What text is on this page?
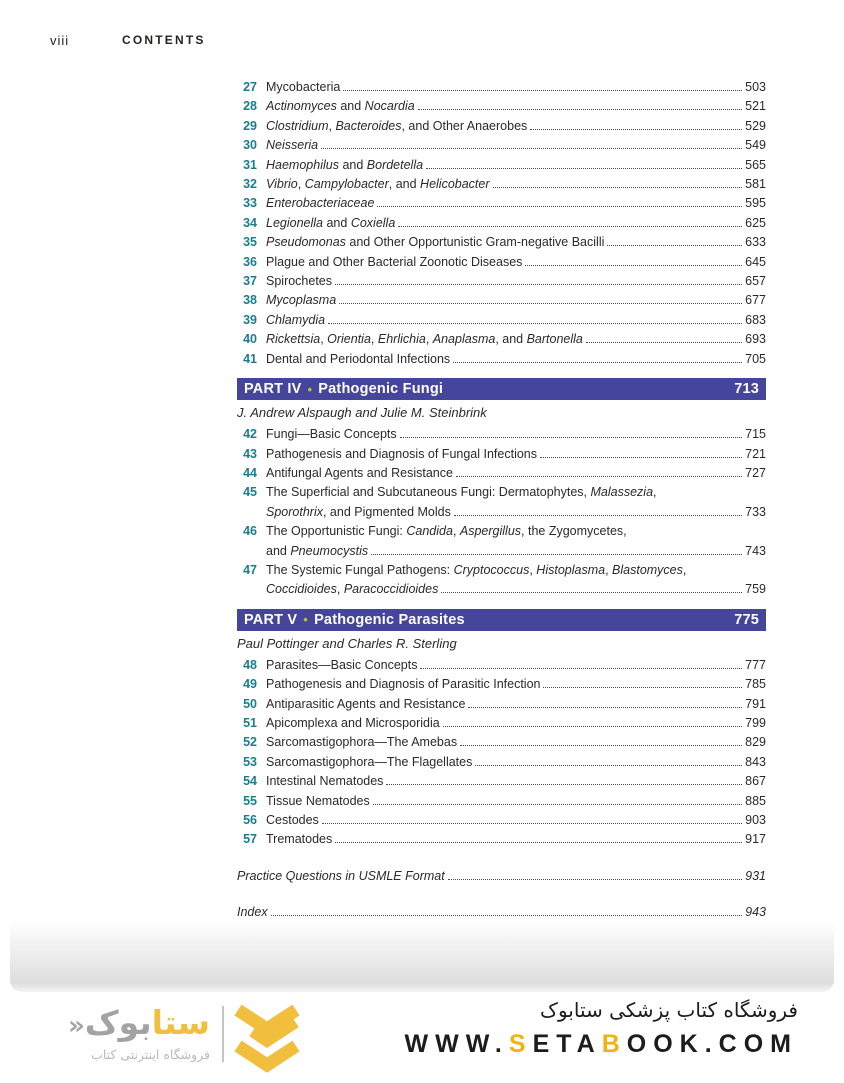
viii	CONTENTS
27 Mycobacteria	503
28 Actinomyces and Nocardia	521
29 Clostridium, Bacteroides, and Other Anaerobes	529
30 Neisseria	549
31 Haemophilus and Bordetella	565
32 Vibrio, Campylobacter, and Helicobacter	581
33 Enterobacteriaceae	595
34 Legionella and Coxiella	625
35 Pseudomonas and Other Opportunistic Gram-negative Bacilli	633
36 Plague and Other Bacterial Zoonotic Diseases	645
37 Spirochetes	657
38 Mycoplasma	677
39 Chlamydia	683
40 Rickettsia, Orientia, Ehrlichia, Anaplasma, and Bartonella	693
41 Dental and Periodontal Infections	705
PART IV • Pathogenic Fungi	713
J. Andrew Alspaugh and Julie M. Steinbrink
42 Fungi—Basic Concepts	715
43 Pathogenesis and Diagnosis of Fungal Infections	721
44 Antifungal Agents and Resistance	727
45 The Superficial and Subcutaneous Fungi: Dermatophytes, Malassezia,
Sporothrix, and Pigmented Molds	733
46 The Opportunistic Fungi: Candida, Aspergillus, the Zygomycetes,
and Pneumocystis	743
47 The Systemic Fungal Pathogens: Cryptococcus, Histoplasma, Blastomyces,
Coccidioides, Paracoccidioides	759
PART V • Pathogenic Parasites	775
Paul Pottinger and Charles R. Sterling
48 Parasites—Basic Concepts	777
49 Pathogenesis and Diagnosis of Parasitic Infection	785
50 Antiparasitic Agents and Resistance	791
51 Apicomplexa and Microsporidia	799
52 Sarcomastigophora—The Amebas	829
53 Sarcomastigophora—The Flagellates	843
54 Intestinal Nematodes	867
55 Tissue Nematodes	885
56 Cestodes	903
57 Trematodes	917
Practice Questions in USMLE Format	931
Index	943
ستابوک«
فروشگاه اینترنتی کتاب
فروشگاه کتاب پزشکی ستابوک
WWW.SETABOOK.COM
